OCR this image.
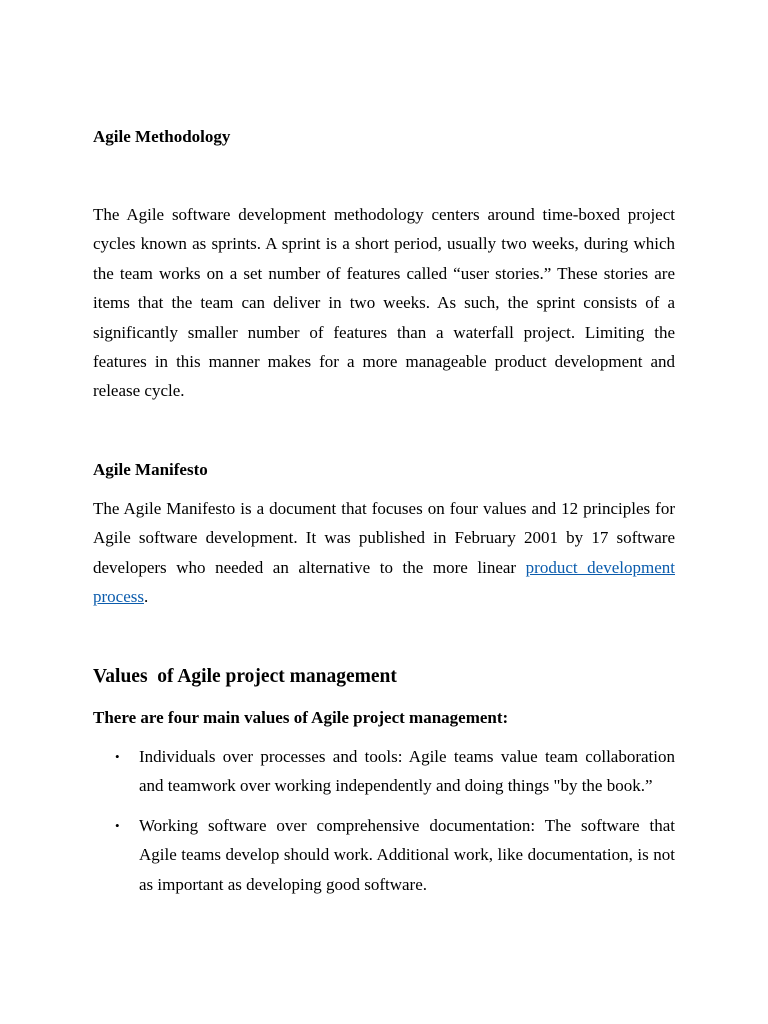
Agile Methodology

The Agile software development methodology centers around time-boxed project cycles known as sprints. A sprint is a short period, usually two weeks, during which the team works on a set number of features called “user stories.” These stories are items that the team can deliver in two weeks. As such, the sprint consists of a significantly smaller number of features than a waterfall project. Limiting the features in this manner makes for a more manageable product development and release cycle.

Agile Manifesto

The Agile Manifesto is a document that focuses on four values and 12 principles for Agile software development. It was published in February 2001 by 17 software developers who needed an alternative to the more linear product development process.

Values  of Agile project management

There are four main values of Agile project management:

• Individuals over processes and tools: Agile teams value team collaboration and teamwork over working independently and doing things "by the book.”
• Working software over comprehensive documentation: The software that Agile teams develop should work. Additional work, like documentation, is not as important as developing good software.
